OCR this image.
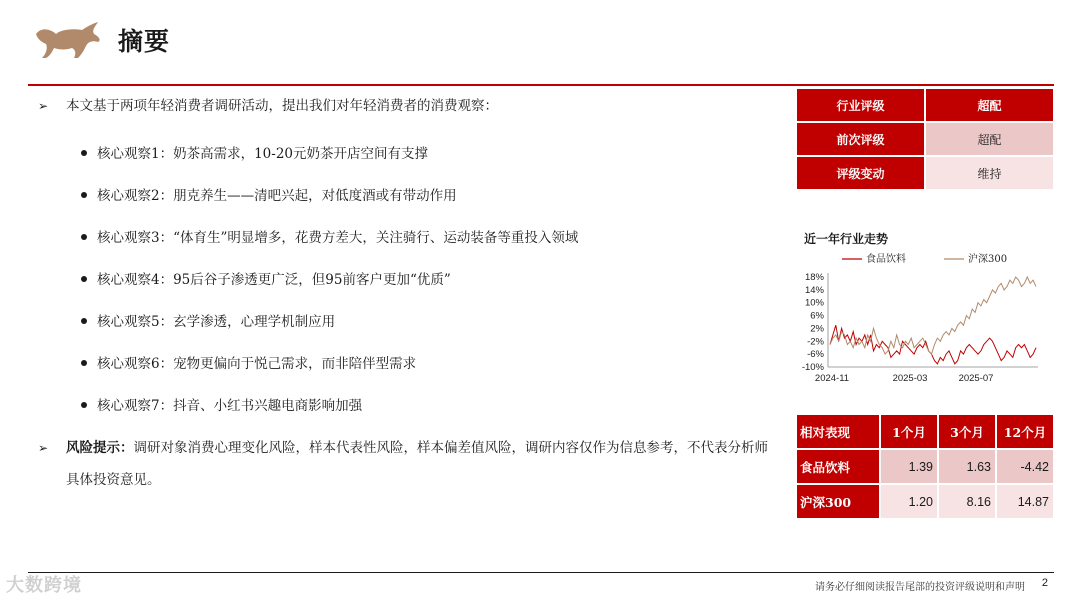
摘要
➢ 本文基于两项年轻消费者调研活动，提出我们对年轻消费者的消费观察：
核心观察1：奶茶高需求，10-20元奶茶开店空间有支撑
核心观察2：朋克养生——清吧兴起，对低度酒或有带动作用
核心观察3：“体育生”明显增多，花费方差大，关注骑行、运动装备等重投入领域
核心观察4：95后谷子渗透更广泛，但95前客户更加“优质”
核心观察5：玄学渗透，心理学机制应用
核心观察6：宠物更偏向于悦己需求，而非陪伴型需求
核心观察7：抖音、小红书兴趣电商影响加强
➢ 风险提示：调研对象消费心理变化风险，样本代表性风险，样本偏差值风险，调研内容仅作为信息参考，不代表分析师具体投资意见。
行业评级	超配
前次评级	超配
评级变动	维持
近一年行业走势
食品饮料	沪深300
18%
14%
10%
6%
2%
-2%
-6%
-10%
2024-11	2025-03	2025-07
相对表现	1个月	3个月	12个月
食品饮料	1.39	1.63	-4.42
沪深300	1.20	8.16	14.87
大数跨境	请务必仔细阅读报告尾部的投资评级说明和声明 2
